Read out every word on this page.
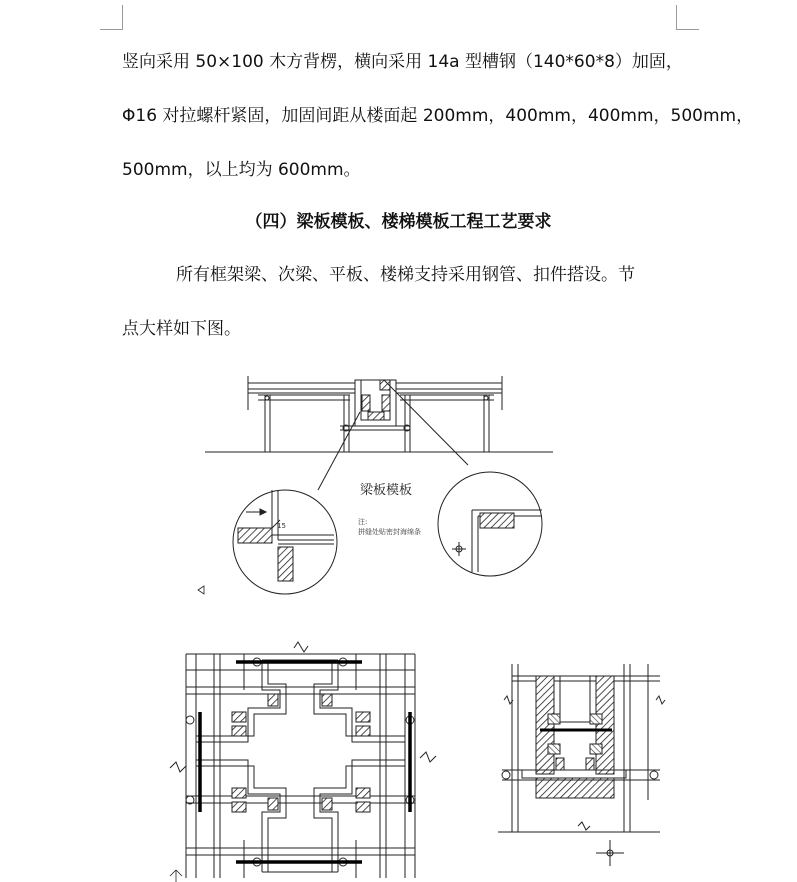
竖向采用 50×100 木方背楞，横向采用 14a 型槽钢（140*60*8）加固，
Φ16 对拉螺杆紧固，加固间距从楼面起 200mm，400mm，400mm，500mm，
500mm，以上均为 600mm。
（四）梁板模板、楼梯模板工程工艺要求
所有框架梁、次梁、平板、楼梯支持采用钢管、扣件搭设。节
点大样如下图。
梁板模板
注:
拼缝处贴密封海绵条
15
